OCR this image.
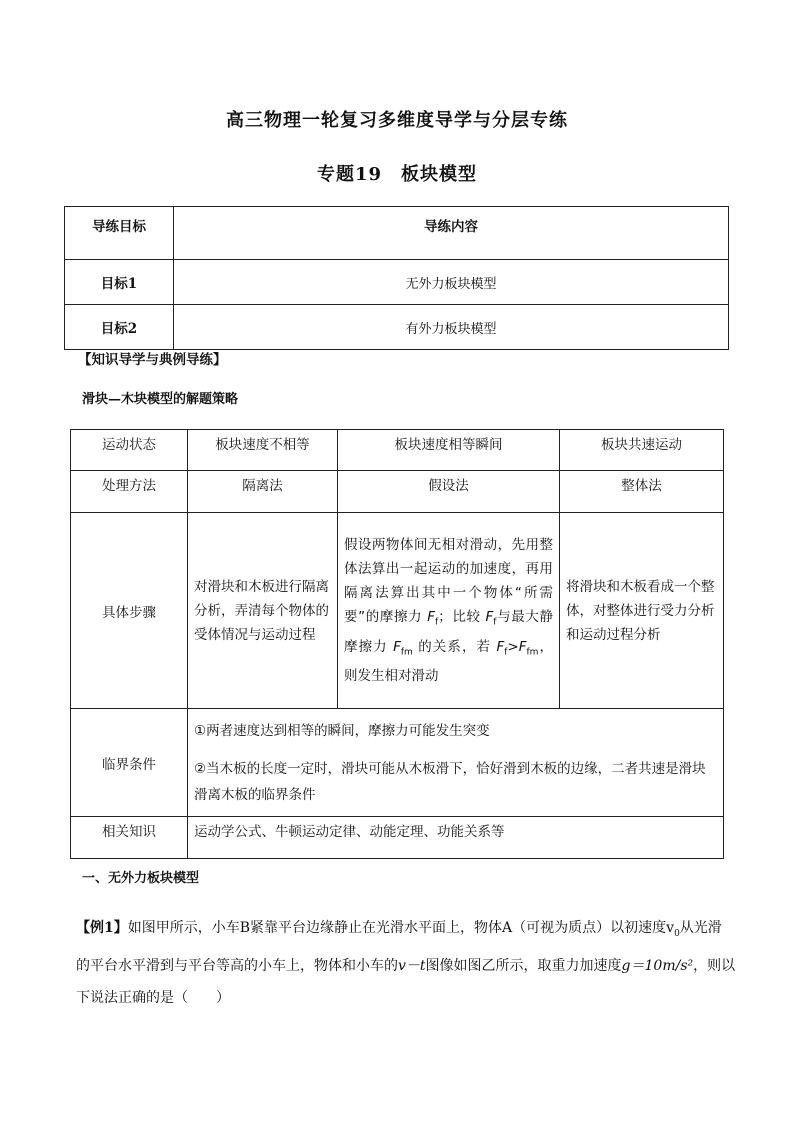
高三物理一轮复习多维度导学与分层专练
专题19　板块模型
导练目标	导练内容
目标1	无外力板块模型
目标2	有外力板块模型
【知识导学与典例导练】
滑块—木块模型的解题策略
运动状态	板块速度不相等	板块速度相等瞬间	板块共速运动
处理方法	隔离法	假设法	整体法
具体步骤	对滑块和木板进行隔离分析，弄清每个物体的受体情况与运动过程	假设两物体间无相对滑动，先用整体法算出一起运动的加速度，再用隔离法算出其中一个物体“所需要”的摩擦力 $F_f$；比较 $F_f$与最大静摩擦力 $F_{fm}$ 的关系，若 $F_f>F_{fm}$，则发生相对滑动	将滑块和木板看成一个整体，对整体进行受力分析和运动过程分析
临界条件	①两者速度达到相等的瞬间，摩擦力可能发生突变
②当木板的长度一定时，滑块可能从木板滑下，恰好滑到木板的边缘，二者共速是滑块滑离木板的临界条件		

相关知识	运动学公式、牛顿运动定律、动能定理、功能关系等		
一、无外力板块模型
【例1】如图甲所示，小车B紧靠平台边缘静止在光滑水平面上，物体A（可视为质点）以初速度$v_0$从光滑
的平台水平滑到与平台等高的小车上，物体和小车的v－t图像如图乙所示，取重力加速度g＝10m/s²，则以
下说法正确的是（　　）
